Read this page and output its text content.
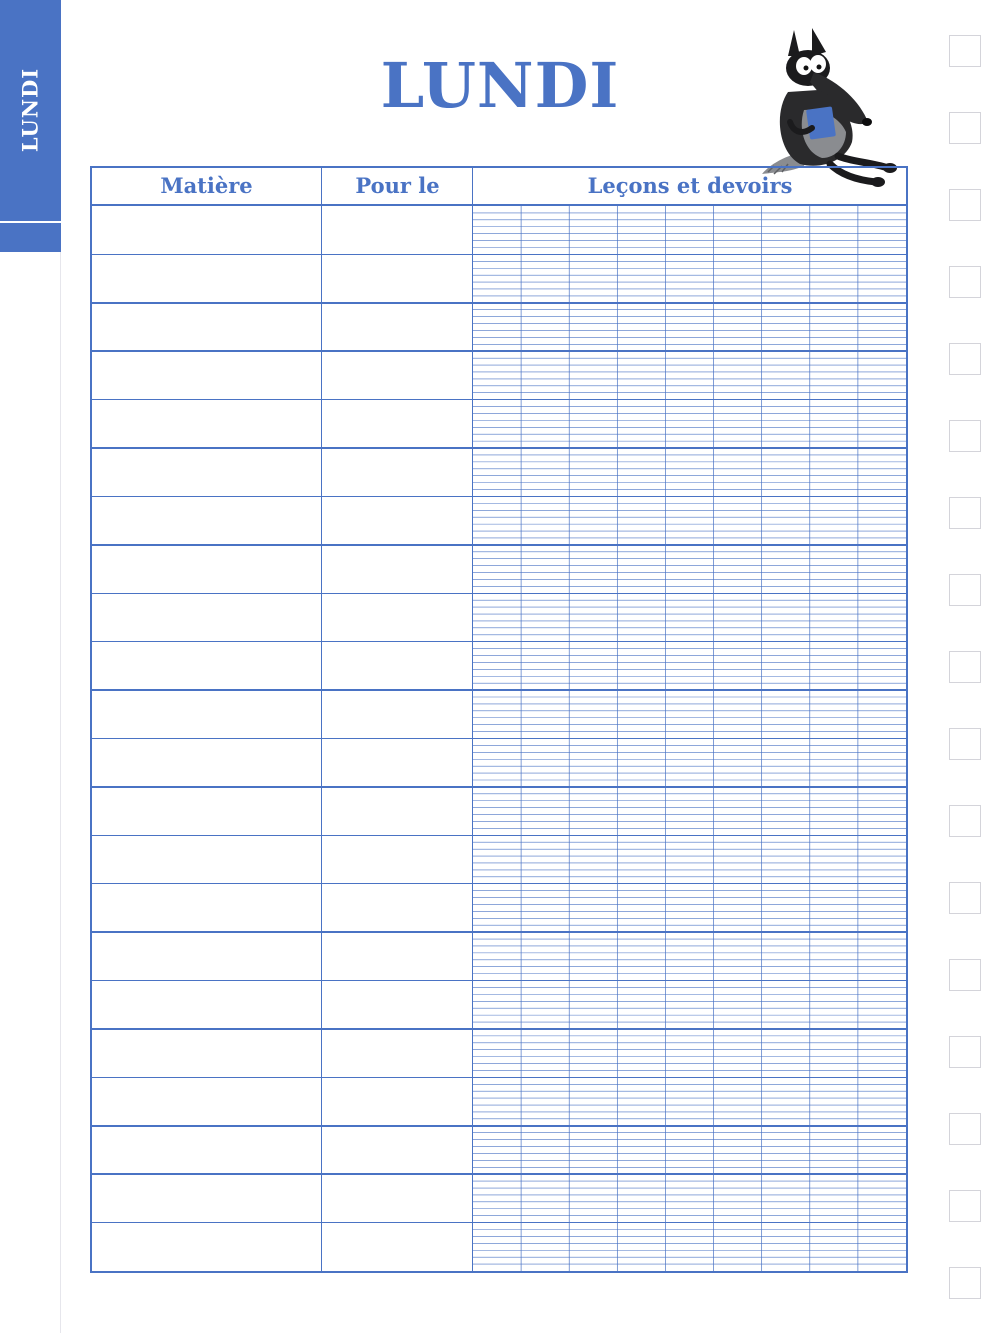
LUNDI	LUNDI
Matière	Pour le	Leçons et devoirs
